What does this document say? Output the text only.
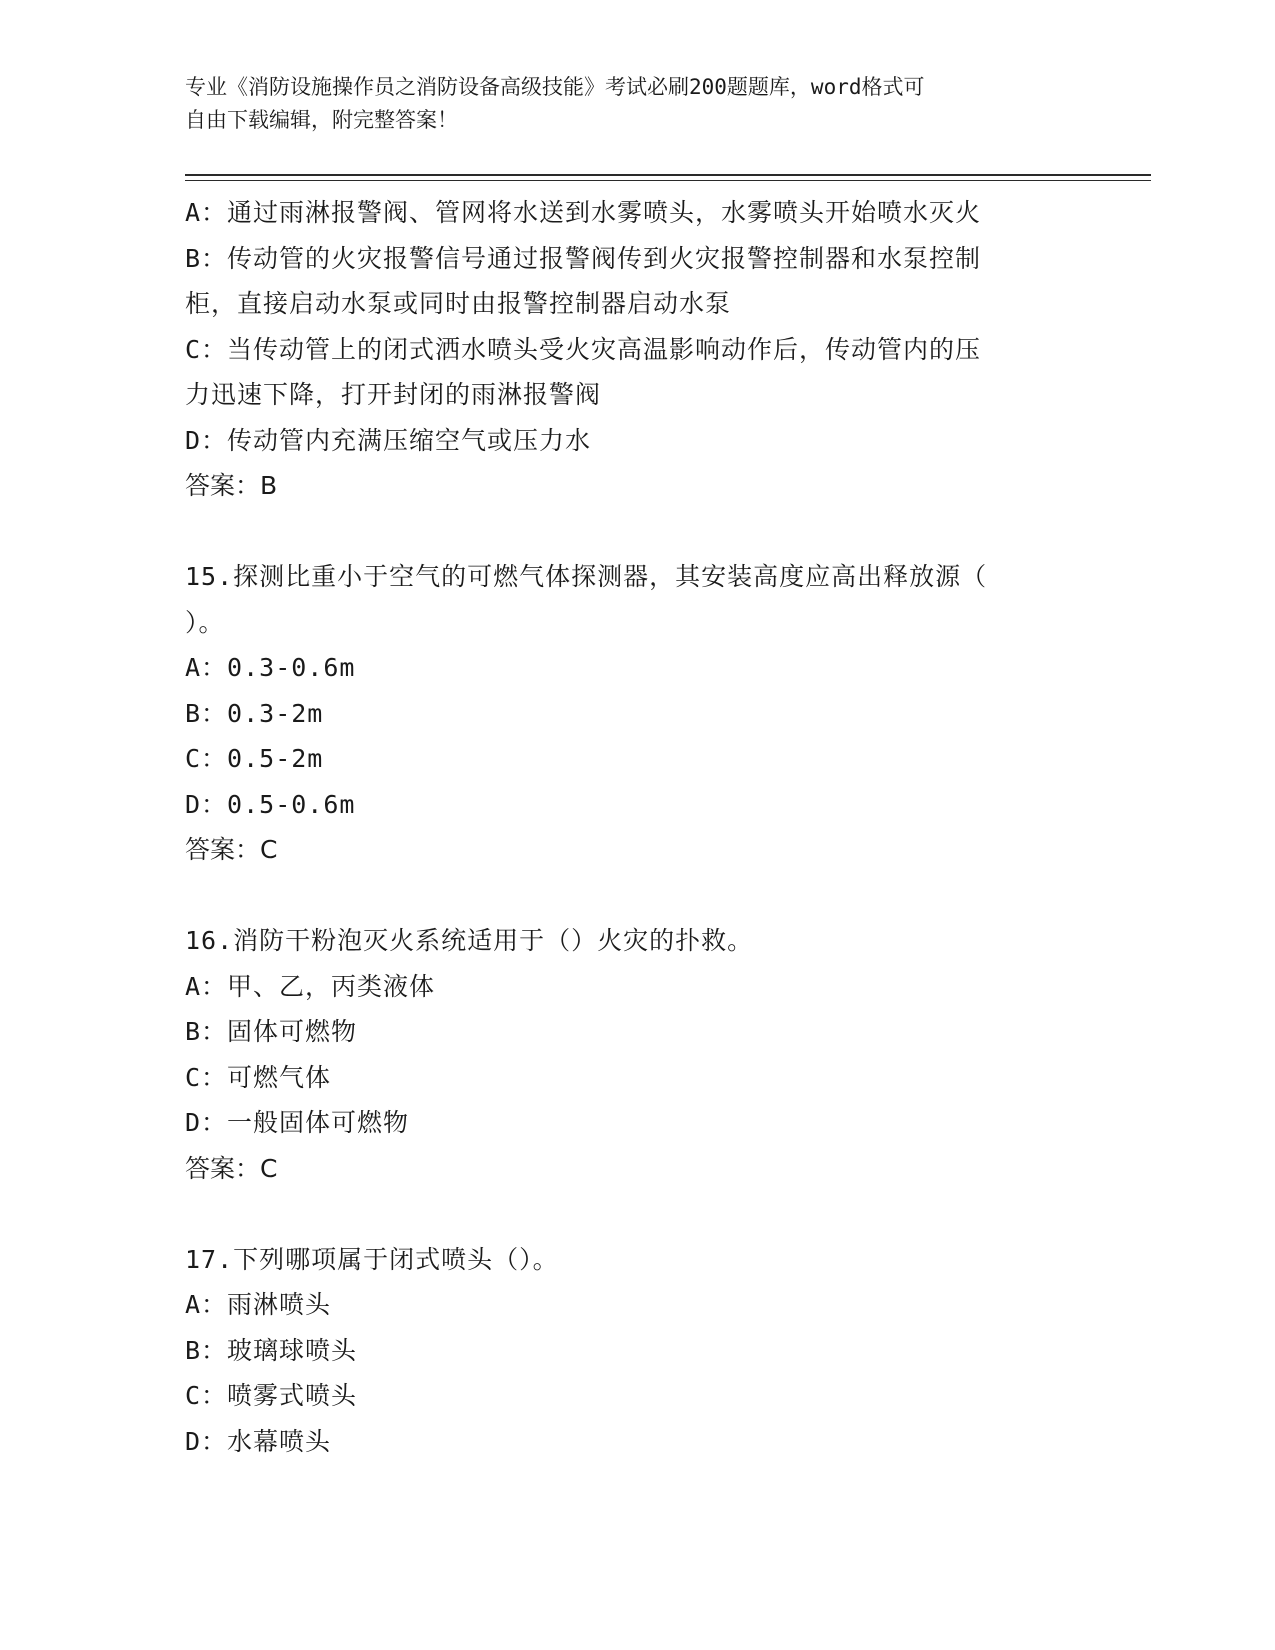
专业《消防设施操作员之消防设备高级技能》考试必刷200题题库，word格式可
自由下载编辑，附完整答案！
A：通过雨淋报警阀、管网将水送到水雾喷头，水雾喷头开始喷水灭火
B：传动管的火灾报警信号通过报警阀传到火灾报警控制器和水泵控制
柜，直接启动水泵或同时由报警控制器启动水泵
C：当传动管上的闭式洒水喷头受火灾高温影响动作后，传动管内的压
力迅速下降，打开封闭的雨淋报警阀
D：传动管内充满压缩空气或压力水
答案：B
15.探测比重小于空气的可燃气体探测器，其安装高度应高出释放源（
）。
A：0.3-0.6m
B：0.3-2m
C：0.5-2m
D：0.5-0.6m
答案：C
16.消防干粉泡灭火系统适用于（）火灾的扑救。
A：甲、乙，丙类液体
B：固体可燃物
C：可燃气体
D：一般固体可燃物
答案：C
17.下列哪项属于闭式喷头（）。
A：雨淋喷头
B：玻璃球喷头
C：喷雾式喷头
D：水幕喷头
